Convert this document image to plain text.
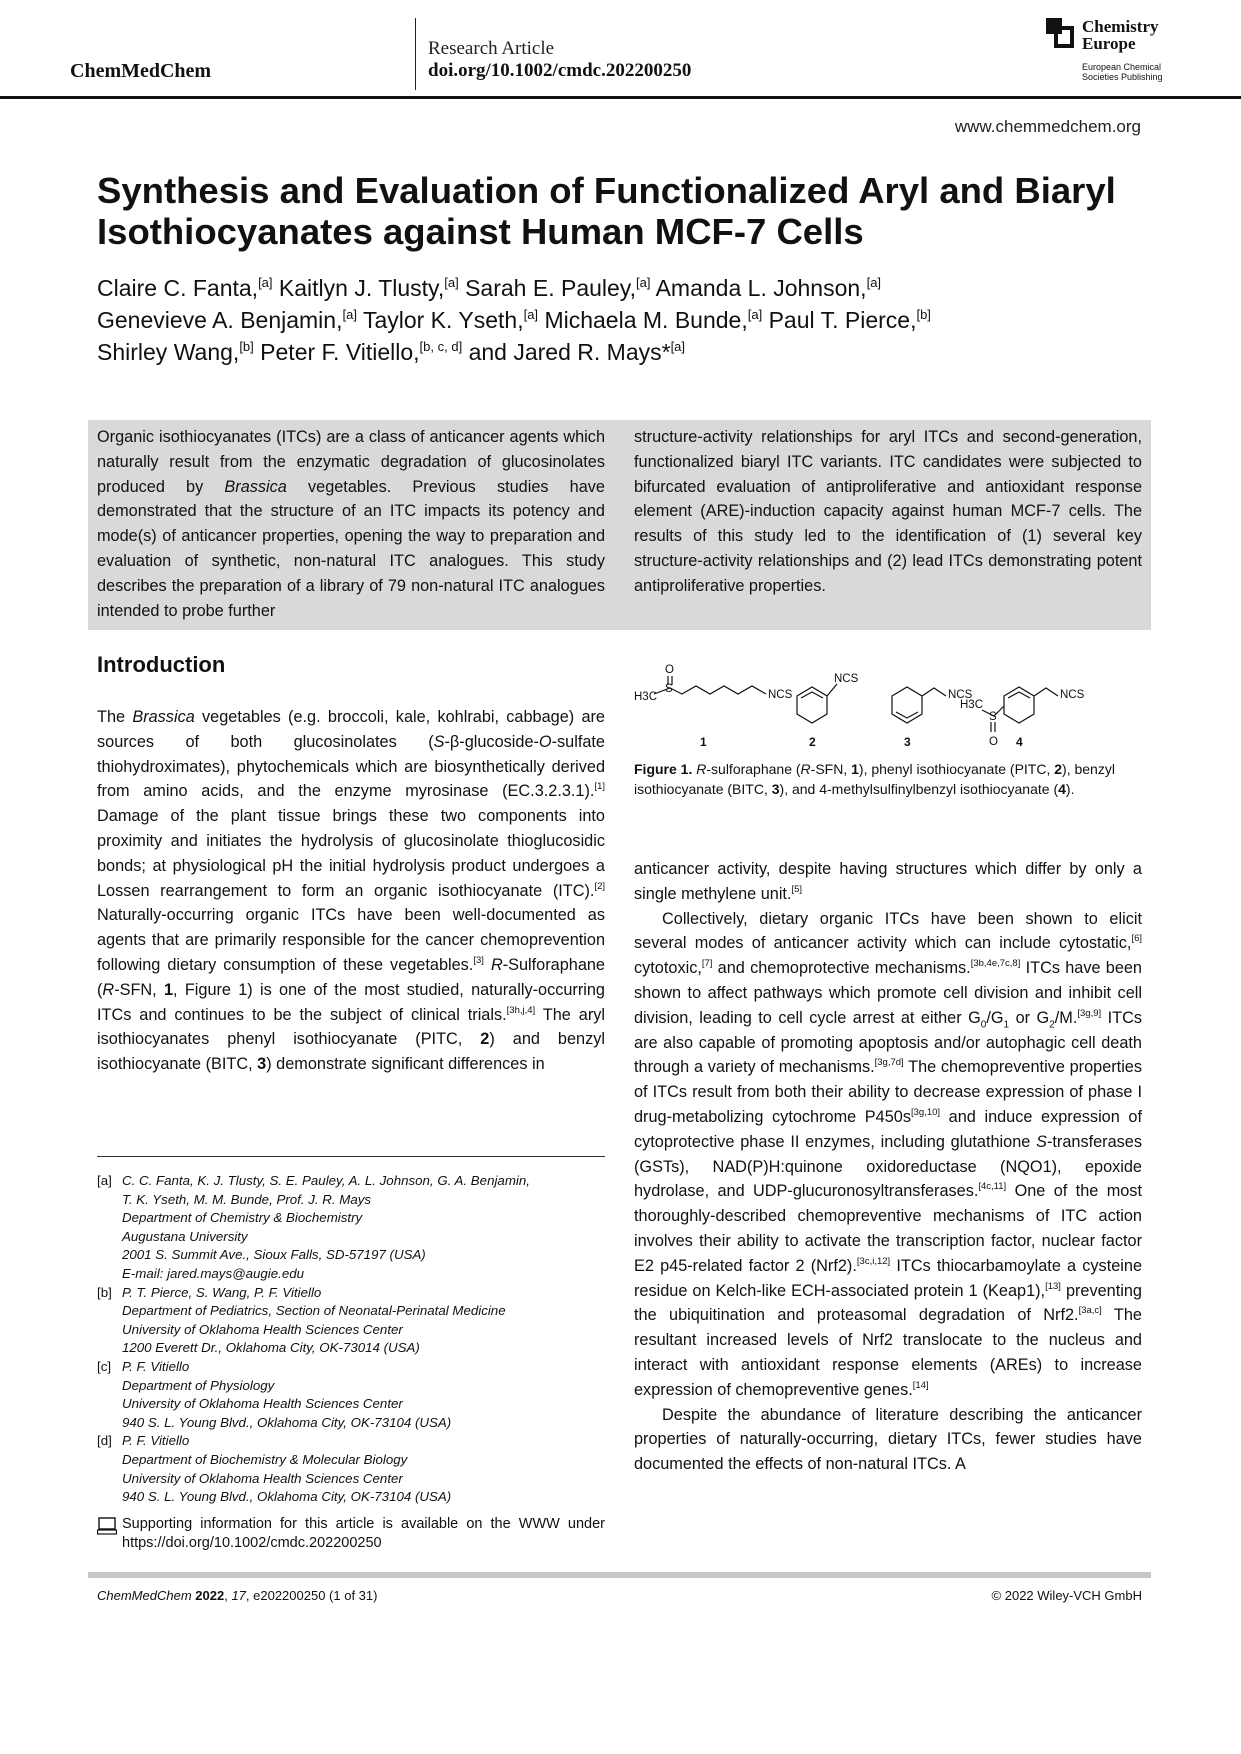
ChemMedChem
Research Article
doi.org/10.1002/cmdc.202200250
Chemistry
Europe
European Chemical
Societies Publishing
www.chemmedchem.org
Synthesis and Evaluation of Functionalized Aryl and Biaryl Isothiocyanates against Human MCF-7 Cells
Claire C. Fanta,[a] Kaitlyn J. Tlusty,[a] Sarah E. Pauley,[a] Amanda L. Johnson,[a]
Genevieve A. Benjamin,[a] Taylor K. Yseth,[a] Michaela M. Bunde,[a] Paul T. Pierce,[b]
Shirley Wang,[b] Peter F. Vitiello,[b, c, d] and Jared R. Mays*[a]

Organic isothiocyanates (ITCs) are a class of anticancer agents which naturally result from the enzymatic degradation of glucosinolates produced by Brassica vegetables. Previous studies have demonstrated that the structure of an ITC impacts its potency and mode(s) of anticancer properties, opening the way to preparation and evaluation of synthetic, non-natural ITC analogues. This study describes the preparation of a library of 79 non-natural ITC analogues intended to probe further

structure-activity relationships for aryl ITCs and second-generation, functionalized biaryl ITC variants. ITC candidates were subjected to bifurcated evaluation of antiproliferative and antioxidant response element (ARE)-induction capacity against human MCF-7 cells. The results of this study led to the identification of (1) several key structure-activity relationships and (2) lead ITCs demonstrating potent antiproliferative properties.

Introduction

The Brassica vegetables (e.g. broccoli, kale, kohlrabi, cabbage) are sources of both glucosinolates (S-β-glucoside-O-sulfate thiohydroximates), phytochemicals which are biosynthetically derived from amino acids, and the enzyme myrosinase (EC.3.2.3.1).[1] Damage of the plant tissue brings these two components into proximity and initiates the hydrolysis of glucosinolate thioglucosidic bonds; at physiological pH the initial hydrolysis product undergoes a Lossen rearrangement to form an organic isothiocyanate (ITC).[2] Naturally-occurring organic ITCs have been well-documented as agents that are primarily responsible for the cancer chemoprevention following dietary consumption of these vegetables.[3] R-Sulforaphane (R-SFN, 1, Figure 1) is one of the most studied, naturally-occurring ITCs and continues to be the subject of clinical trials.[3h,j,4] The aryl isothiocyanates phenyl isothiocyanate (PITC, 2) and benzyl isothiocyanate (BITC, 3) demonstrate significant differences in

O
S
H3C	NCS
NCS
NCS	NCS
H3C
S
O
1	2	3	4
Figure 1. R-sulforaphane (R-SFN, 1), phenyl isothiocyanate (PITC, 2), benzyl isothiocyanate (BITC, 3), and 4-methylsulfinylbenzyl isothiocyanate (4).

anticancer activity, despite having structures which differ by only a single methylene unit.[5]

Collectively, dietary organic ITCs have been shown to elicit several modes of anticancer activity which can include cytostatic,[6] cytotoxic,[7] and chemoprotective mechanisms.[3b,4e,7c,8] ITCs have been shown to affect pathways which promote cell division and inhibit cell division, leading to cell cycle arrest at either $G_0/G_1$ or $G_2/M.[3g,9]$ ITCs are also capable of promoting apoptosis and/or autophagic cell death through a variety of mechanisms.[3g,7d] The chemopreventive properties of ITCs result from both their ability to decrease expression of phase I drug-metabolizing cytochrome P450s[3g,10] and induce expression of cytoprotective phase II enzymes, including glutathione S-transferases (GSTs), NAD(P)H:quinone oxidoreductase (NQO1), epoxide hydrolase, and UDP-glucuronosyltransferases.[4c,11] One of the most thoroughly-described chemopreventive mechanisms of ITC action involves their ability to activate the transcription factor, nuclear factor E2 p45-related factor 2 (Nrf2).[3c,i,12] ITCs thiocarbamoylate a cysteine residue on Kelch-like ECH-associated protein 1 (Keap1),[13] preventing the ubiquitination and proteasomal degradation of Nrf2.[3a,c] The resultant increased levels of Nrf2 translocate to the nucleus and interact with antioxidant response elements (AREs) to increase expression of chemopreventive genes.[14]

Despite the abundance of literature describing the anticancer properties of naturally-occurring, dietary ITCs, fewer studies have documented the effects of non-natural ITCs. A

[a] C. C. Fanta, K. J. Tlusty, S. E. Pauley, A. L. Johnson, G. A. Benjamin,
T. K. Yseth, M. M. Bunde, Prof. J. R. Mays
Department of Chemistry & Biochemistry
Augustana University
2001 S. Summit Ave., Sioux Falls, SD-57197 (USA)
E-mail: jared.mays@augie.edu
[b] P. T. Pierce, S. Wang, P. F. Vitiello
Department of Pediatrics, Section of Neonatal-Perinatal Medicine
University of Oklahoma Health Sciences Center
1200 Everett Dr., Oklahoma City, OK-73014 (USA)
[c] P. F. Vitiello
Department of Physiology
University of Oklahoma Health Sciences Center
940 S. L. Young Blvd., Oklahoma City, OK-73104 (USA)
[d] P. F. Vitiello
Department of Biochemistry & Molecular Biology
University of Oklahoma Health Sciences Center
940 S. L. Young Blvd., Oklahoma City, OK-73104 (USA)
Supporting information for this article is available on the WWW under https://doi.org/10.1002/cmdc.202200250
ChemMedChem 2022, 17, e202200250 (1 of 31)	© 2022 Wiley-VCH GmbH
